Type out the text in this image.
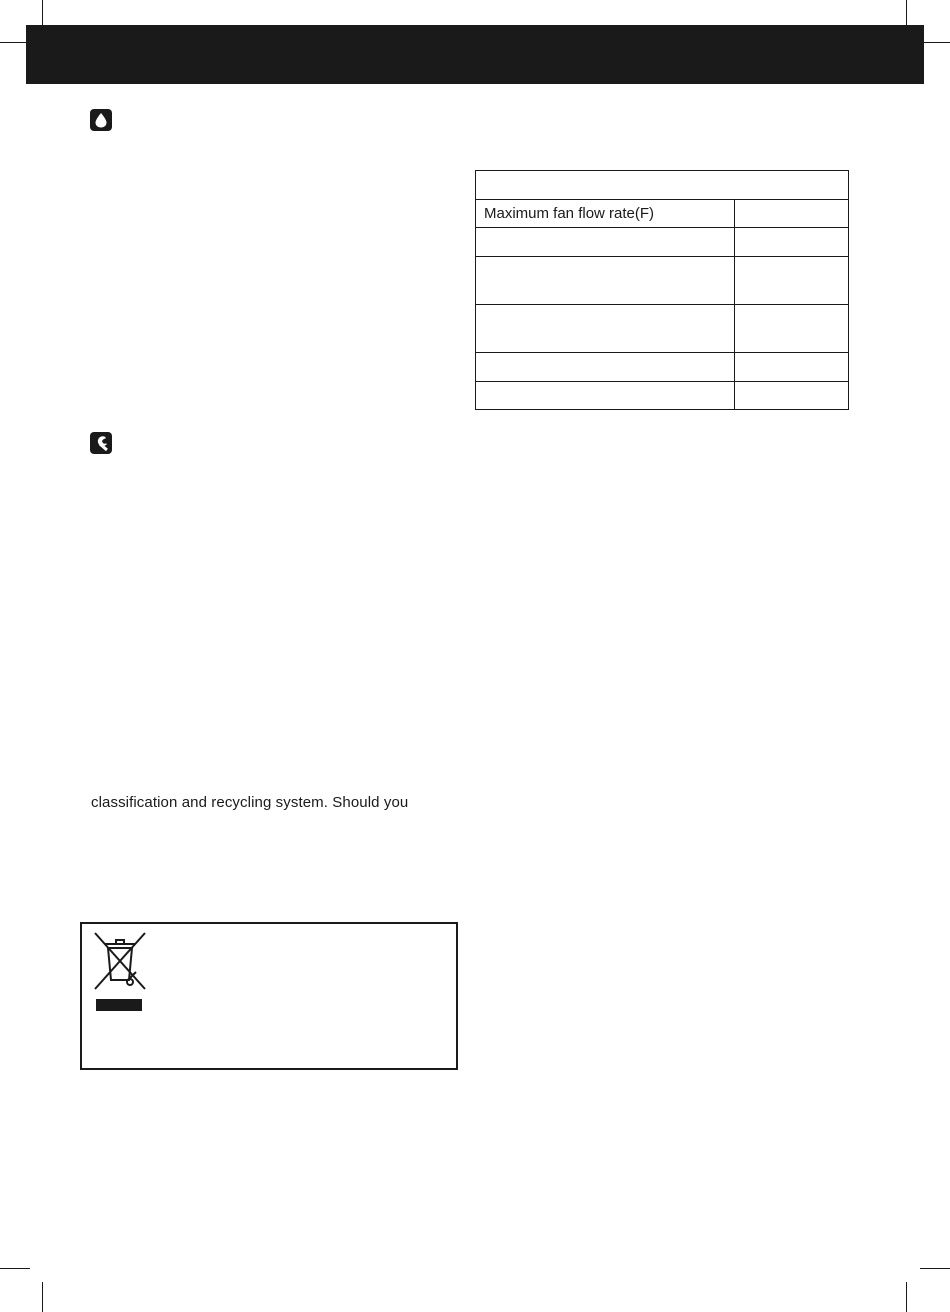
Maximum fan flow rate(F)	

classification and recycling system. Should you
